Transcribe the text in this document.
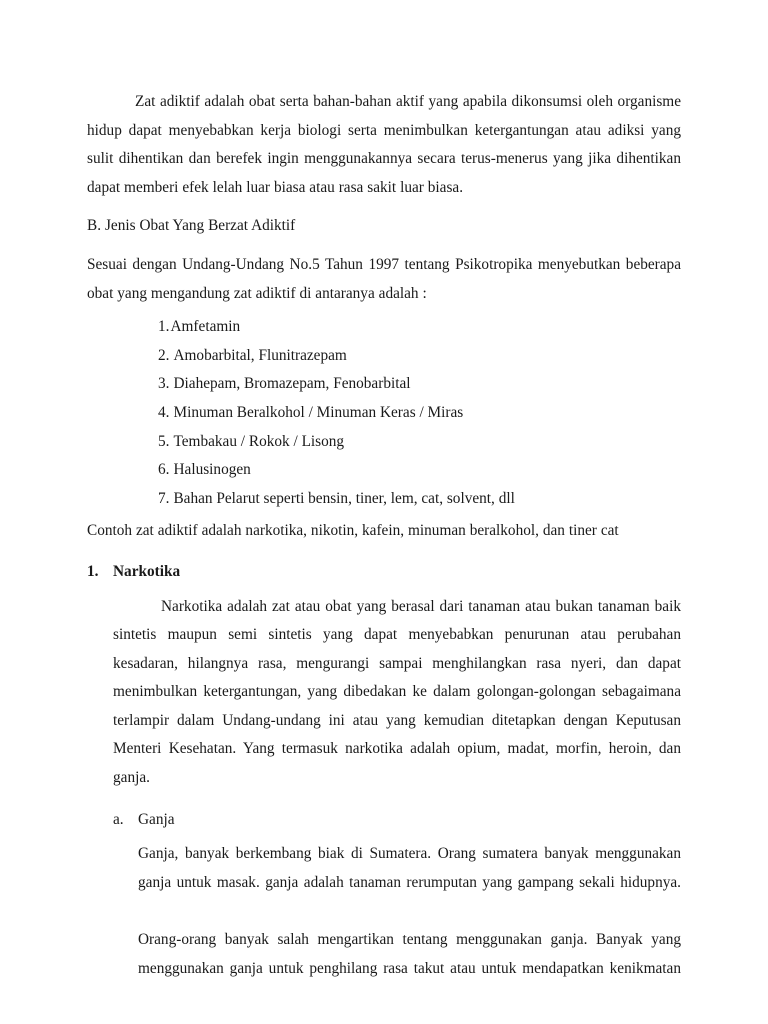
Zat adiktif adalah obat serta bahan-bahan aktif yang apabila dikonsumsi oleh organisme hidup dapat menyebabkan kerja biologi serta menimbulkan ketergantungan atau adiksi yang sulit dihentikan dan berefek ingin menggunakannya secara terus-menerus yang jika dihentikan dapat memberi efek lelah luar biasa atau rasa sakit luar biasa.

B. Jenis Obat Yang Berzat Adiktif

Sesuai dengan Undang-Undang No.5 Tahun 1997 tentang Psikotropika menyebutkan beberapa obat yang mengandung zat adiktif di antaranya adalah :

1.Amfetamin
2. Amobarbital, Flunitrazepam
3. Diahepam, Bromazepam, Fenobarbital
4. Minuman Beralkohol / Minuman Keras / Miras
5. Tembakau / Rokok / Lisong
6. Halusinogen
7. Bahan Pelarut seperti bensin, tiner, lem, cat, solvent, dll

Contoh zat adiktif adalah narkotika, nikotin, kafein, minuman beralkohol, dan tiner cat

1. Narkotika

Narkotika adalah zat atau obat yang berasal dari tanaman atau bukan tanaman baik sintetis maupun semi sintetis yang dapat menyebabkan penurunan atau perubahan kesadaran, hilangnya rasa, mengurangi sampai menghilangkan rasa nyeri, dan dapat menimbulkan ketergantungan, yang dibedakan ke dalam golongan-golongan sebagaimana terlampir dalam Undang-undang ini atau yang kemudian ditetapkan dengan Keputusan Menteri Kesehatan. Yang termasuk narkotika adalah opium, madat, morfin, heroin, dan ganja.

a. Ganja

Ganja, banyak berkembang biak di Sumatera. Orang sumatera banyak menggunakan ganja untuk masak. ganja adalah tanaman rerumputan yang gampang sekali hidupnya.

Orang-orang banyak salah mengartikan tentang menggunakan ganja. Banyak yang menggunakan ganja untuk penghilang rasa takut atau untuk mendapatkan kenikmatan
